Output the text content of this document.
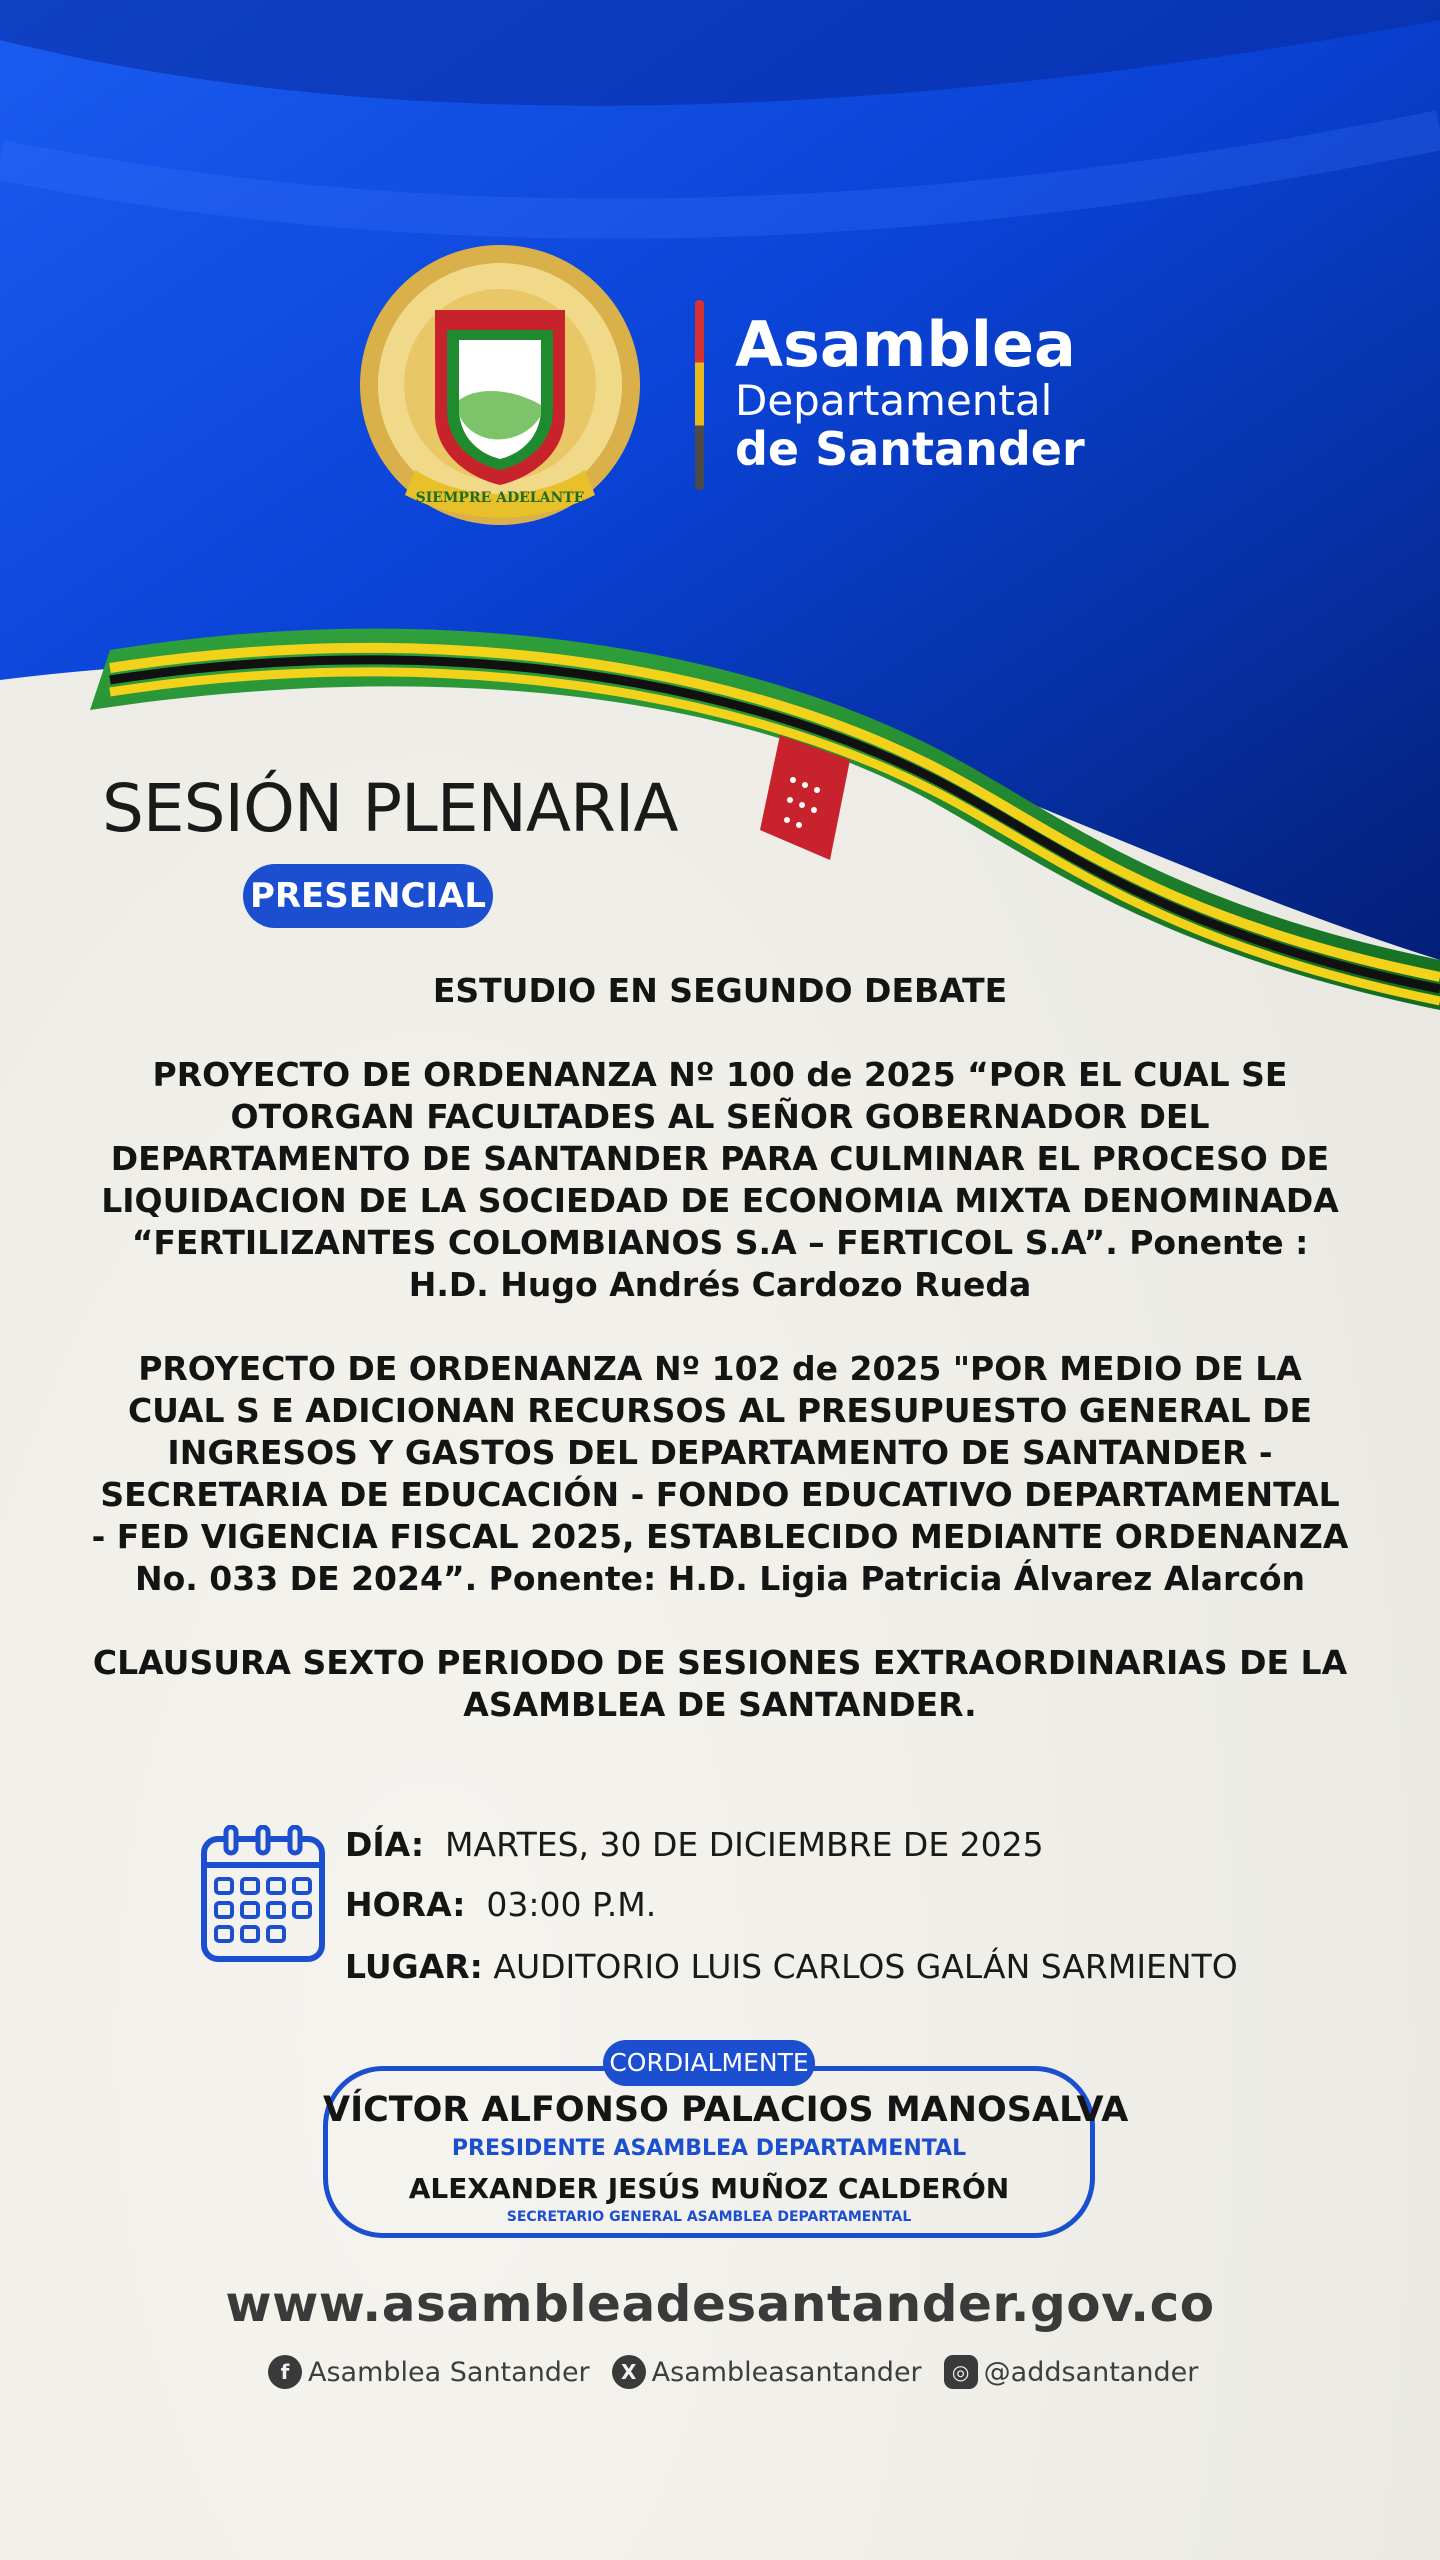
SIEMPRE ADELANTE
Asamblea
Departamental
de Santander
SESIÓN PLENARIA
PRESENCIAL

ESTUDIO EN SEGUNDO DEBATE

PROYECTO DE ORDENANZA Nº 100 de 2025 “POR EL CUAL SE OTORGAN FACULTADES AL SEÑOR GOBERNADOR DEL DEPARTAMENTO DE SANTANDER PARA CULMINAR EL PROCESO DE LIQUIDACION DE LA SOCIEDAD DE ECONOMIA MIXTA DENOMINADA “FERTILIZANTES COLOMBIANOS S.A – FERTICOL S.A”. Ponente : H.D. Hugo Andrés Cardozo Rueda

PROYECTO DE ORDENANZA Nº 102 de 2025 "POR MEDIO DE LA CUAL S E ADICIONAN RECURSOS AL PRESUPUESTO GENERAL DE INGRESOS Y GASTOS DEL DEPARTAMENTO DE SANTANDER - SECRETARIA DE EDUCACIÓN - FONDO EDUCATIVO DEPARTAMENTAL - FED VIGENCIA FISCAL 2025, ESTABLECIDO MEDIANTE ORDENANZA No. 033 DE 2024”. Ponente: H.D. Ligia Patricia Álvarez Alarcón

CLAUSURA SEXTO PERIODO DE SESIONES EXTRAORDINARIAS DE LA ASAMBLEA DE SANTANDER.

DÍA: MARTES, 30 DE DICIEMBRE DE 2025
HORA: 03:00 P.M.
LUGAR: AUDITORIO LUIS CARLOS GALÁN SARMIENTO
CORDIALMENTE
VÍCTOR ALFONSO PALACIOS MANOSALVA
PRESIDENTE ASAMBLEA DEPARTAMENTAL
ALEXANDER JESÚS MUÑOZ CALDERÓN
SECRETARIO GENERAL ASAMBLEA DEPARTAMENTAL
www.asambleadesantander.gov.co
f Asamblea Santander	X Asambleasantander	◎ @addsantander
